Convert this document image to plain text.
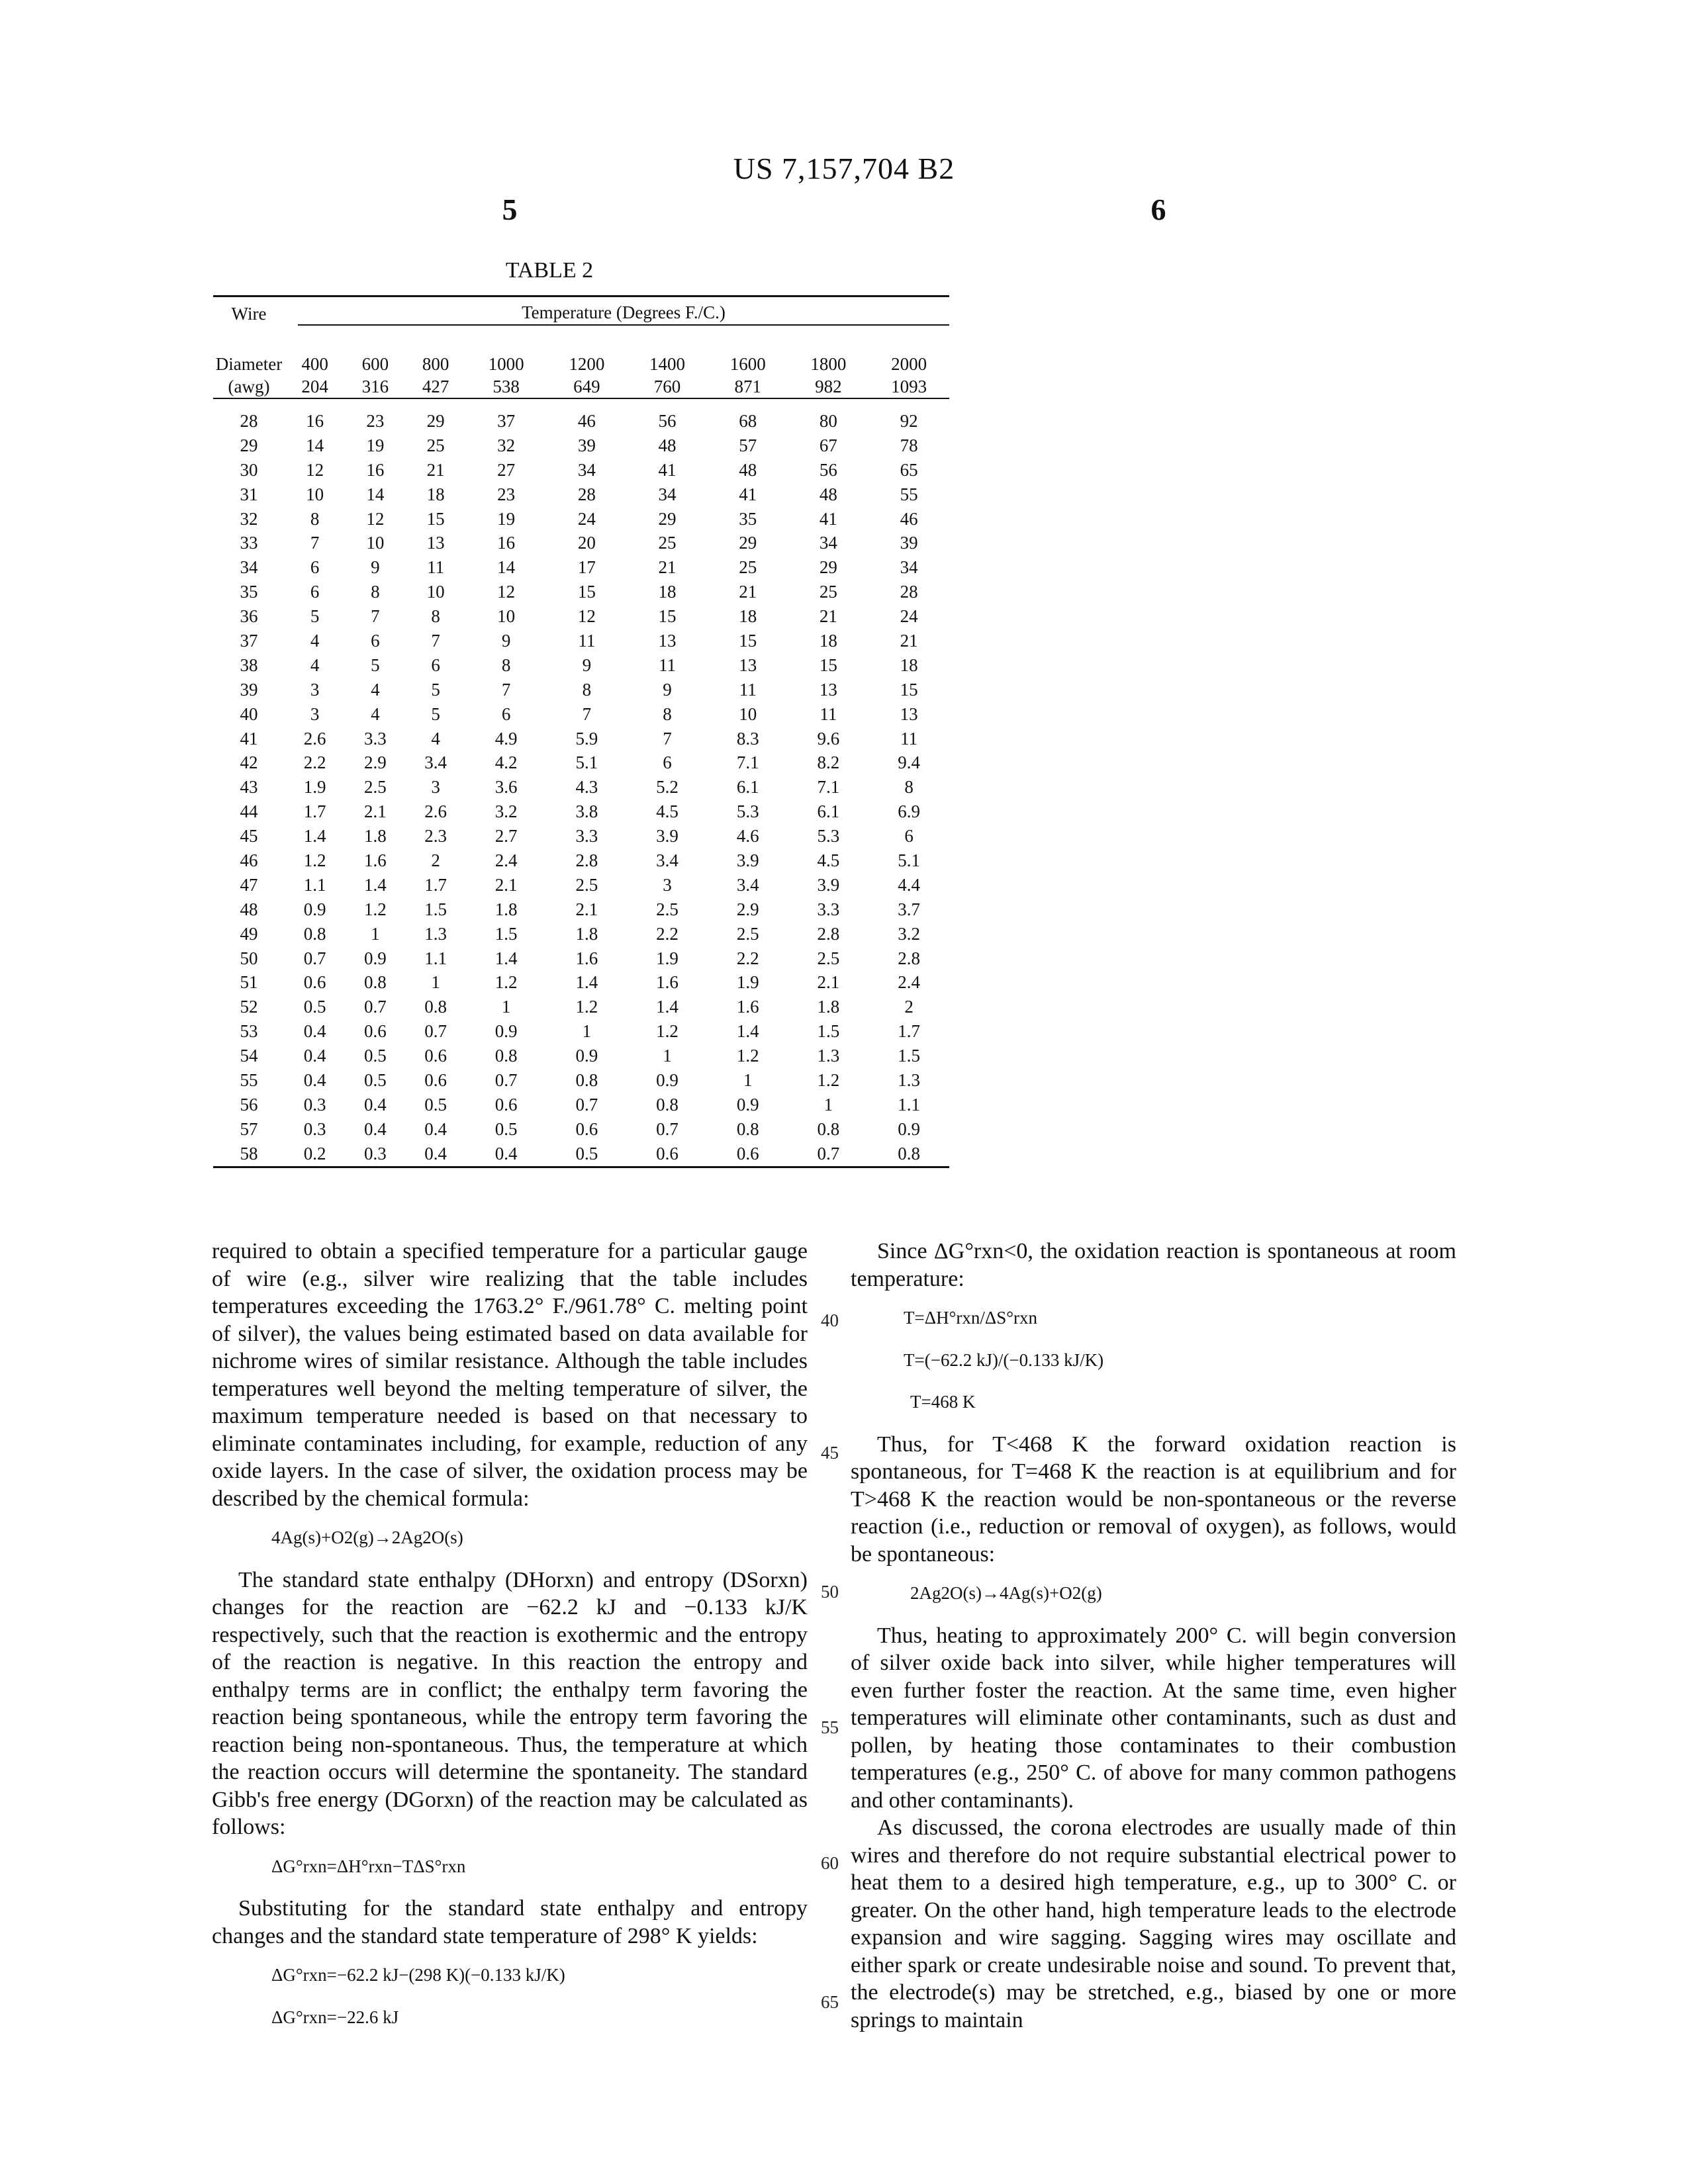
US 7,157,704 B2
5	6
TABLE 2
Wire	Temperature (Degrees F./C.)								

Diameter	400	600	800	1000	1200	1400	1600	1800	2000
(awg)	204	316	427	538	649	760	871	982	1093

28	16	23	29	37	46	56	68	80	92
29	14	19	25	32	39	48	57	67	78
30	12	16	21	27	34	41	48	56	65
31	10	14	18	23	28	34	41	48	55
32	8	12	15	19	24	29	35	41	46
33	7	10	13	16	20	25	29	34	39
34	6	9	11	14	17	21	25	29	34
35	6	8	10	12	15	18	21	25	28
36	5	7	8	10	12	15	18	21	24
37	4	6	7	9	11	13	15	18	21
38	4	5	6	8	9	11	13	15	18
39	3	4	5	7	8	9	11	13	15
40	3	4	5	6	7	8	10	11	13
41	2.6	3.3	4	4.9	5.9	7	8.3	9.6	11
42	2.2	2.9	3.4	4.2	5.1	6	7.1	8.2	9.4
43	1.9	2.5	3	3.6	4.3	5.2	6.1	7.1	8
44	1.7	2.1	2.6	3.2	3.8	4.5	5.3	6.1	6.9
45	1.4	1.8	2.3	2.7	3.3	3.9	4.6	5.3	6
46	1.2	1.6	2	2.4	2.8	3.4	3.9	4.5	5.1
47	1.1	1.4	1.7	2.1	2.5	3	3.4	3.9	4.4
48	0.9	1.2	1.5	1.8	2.1	2.5	2.9	3.3	3.7
49	0.8	1	1.3	1.5	1.8	2.2	2.5	2.8	3.2
50	0.7	0.9	1.1	1.4	1.6	1.9	2.2	2.5	2.8
51	0.6	0.8	1	1.2	1.4	1.6	1.9	2.1	2.4
52	0.5	0.7	0.8	1	1.2	1.4	1.6	1.8	2
53	0.4	0.6	0.7	0.9	1	1.2	1.4	1.5	1.7
54	0.4	0.5	0.6	0.8	0.9	1	1.2	1.3	1.5
55	0.4	0.5	0.6	0.7	0.8	0.9	1	1.2	1.3
56	0.3	0.4	0.5	0.6	0.7	0.8	0.9	1	1.1
57	0.3	0.4	0.4	0.5	0.6	0.7	0.8	0.8	0.9
58	0.2	0.3	0.4	0.4	0.5	0.6	0.6	0.7	0.8

required to obtain a specified temperature for a particular gauge of wire (e.g., silver wire realizing that the table includes temperatures exceeding the 1763.2° F./961.78° C. melting point of silver), the values being estimated based on data available for nichrome wires of similar resistance. Although the table includes temperatures well beyond the melting temperature of silver, the maximum temperature needed is based on that necessary to eliminate contaminates including, for example, reduction of any oxide layers. In the case of silver, the oxidation process may be described by the chemical formula:

4Ag(s)+O2(g)→2Ag2O(s)

The standard state enthalpy (DHorxn) and entropy (DSorxn) changes for the reaction are −62.2 kJ and −0.133 kJ/K respectively, such that the reaction is exothermic and the entropy of the reaction is negative. In this reaction the entropy and enthalpy terms are in conflict; the enthalpy term favoring the reaction being spontaneous, while the entropy term favoring the reaction being non-spontaneous. Thus, the temperature at which the reaction occurs will determine the spontaneity. The standard Gibb's free energy (DGorxn) of the reaction may be calculated as follows:

ΔG°rxn=ΔH°rxn−TΔS°rxn

Substituting for the standard state enthalpy and entropy changes and the standard state temperature of 298° K yields:

ΔG°rxn=−62.2 kJ−(298 K)(−0.133 kJ/K)
ΔG°rxn=−22.6 kJ

Since ΔG°rxn<0, the oxidation reaction is spontaneous at room temperature:

T=ΔH°rxn/ΔS°rxn
T=(−62.2 kJ)/(−0.133 kJ/K)
T=468 K

Thus, for T<468 K the forward oxidation reaction is spontaneous, for T=468 K the reaction is at equilibrium and for T>468 K the reaction would be non-spontaneous or the reverse reaction (i.e., reduction or removal of oxygen), as follows, would be spontaneous:

2Ag2O(s)→4Ag(s)+O2(g)

Thus, heating to approximately 200° C. will begin conversion of silver oxide back into silver, while higher temperatures will even further foster the reaction. At the same time, even higher temperatures will eliminate other contaminants, such as dust and pollen, by heating those contaminates to their combustion temperatures (e.g., 250° C. of above for many common pathogens and other contaminants).

As discussed, the corona electrodes are usually made of thin wires and therefore do not require substantial electrical power to heat them to a desired high temperature, e.g., up to 300° C. or greater. On the other hand, high temperature leads to the electrode expansion and wire sagging. Sagging wires may oscillate and either spark or create undesirable noise and sound. To prevent that, the electrode(s) may be stretched, e.g., biased by one or more springs to maintain

40
45
50
55
60
65
